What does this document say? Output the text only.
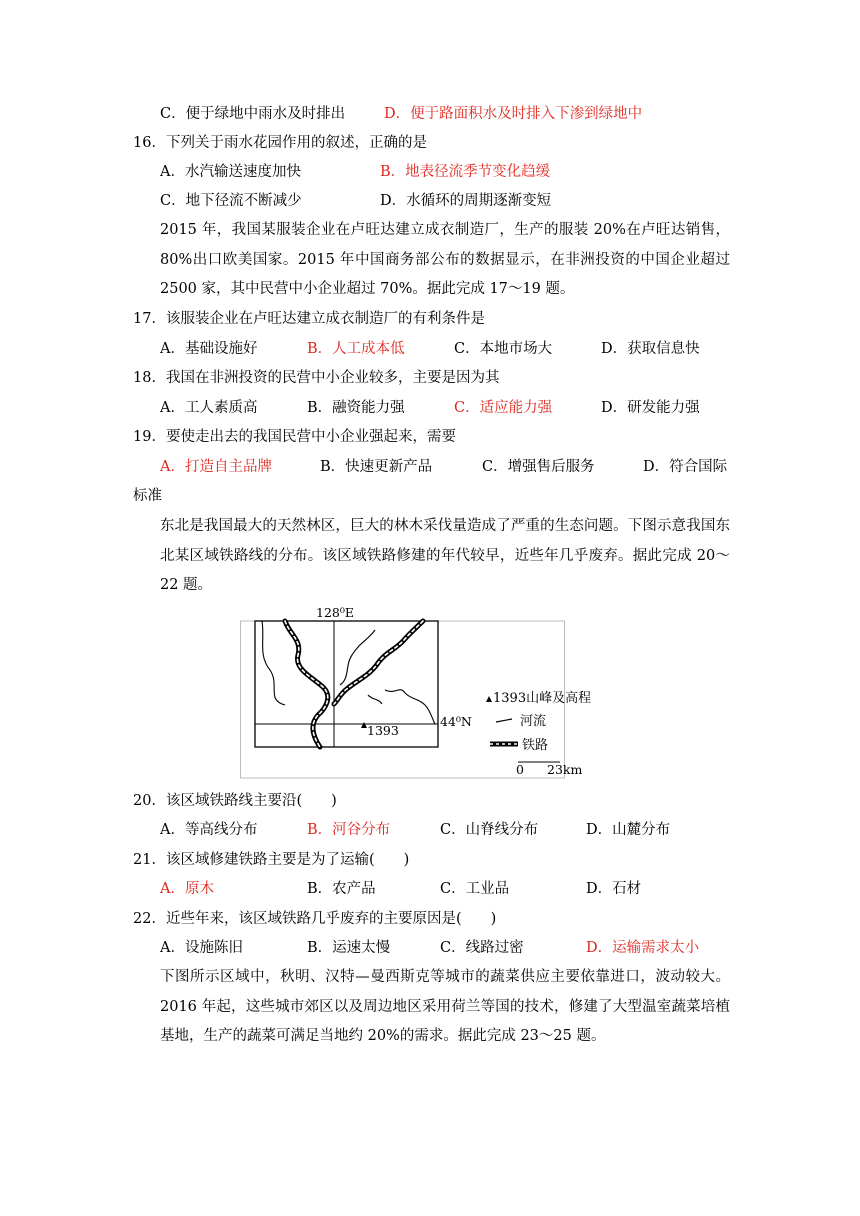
C．便于绿地中雨水及时排出	D．便于路面积水及时排入下渗到绿地中
16．下列关于雨水花园作用的叙述，正确的是
A．水汽输送速度加快	B．地表径流季节变化趋缓
C．地下径流不断减少	D．水循环的周期逐渐变短
2015 年，我国某服装企业在卢旺达建立成衣制造厂，生产的服装 20%在卢旺达销售，80%出口欧美国家。2015 年中国商务部公布的数据显示，在非洲投资的中国企业超过 2500 家，其中民营中小企业超过 70%。据此完成 17～19 题。
17．该服装企业在卢旺达建立成衣制造厂的有利条件是
A．基础设施好	B．人工成本低	C．本地市场大	D．获取信息快
18．我国在非洲投资的民营中小企业较多，主要是因为其
A．工人素质高	B．融资能力强	C．适应能力强	D．研发能力强
19．要使走出去的我国民营中小企业强起来，需要
A．打造自主品牌	B．快速更新产品	C．增强售后服务	D．符合国际
标准
东北是我国最大的天然林区，巨大的林木采伐量造成了严重的生态问题。下图示意我国东北某区域铁路线的分布。该区域铁路修建的年代较早，近些年几乎废弃。据此完成 20～22 题。
128⁰E
44⁰N
1393
1393山峰及高程
河流
铁路
0 23km
20．该区域铁路线主要沿(　　)
A．等高线分布	B．河谷分布	C．山脊线分布	D．山麓分布
21．该区域修建铁路主要是为了运输(　　)
A．原木	B．农产品	C．工业品	D．石材
22．近些年来，该区域铁路几乎废弃的主要原因是(　　)
A．设施陈旧	B．运速太慢	C．线路过密	D．运输需求太小
下图所示区域中，秋明、汉特—曼西斯克等城市的蔬菜供应主要依靠进口，波动较大。2016 年起，这些城市郊区以及周边地区采用荷兰等国的技术，修建了大型温室蔬菜培植基地，生产的蔬菜可满足当地约 20%的需求。据此完成 23～25 题。
